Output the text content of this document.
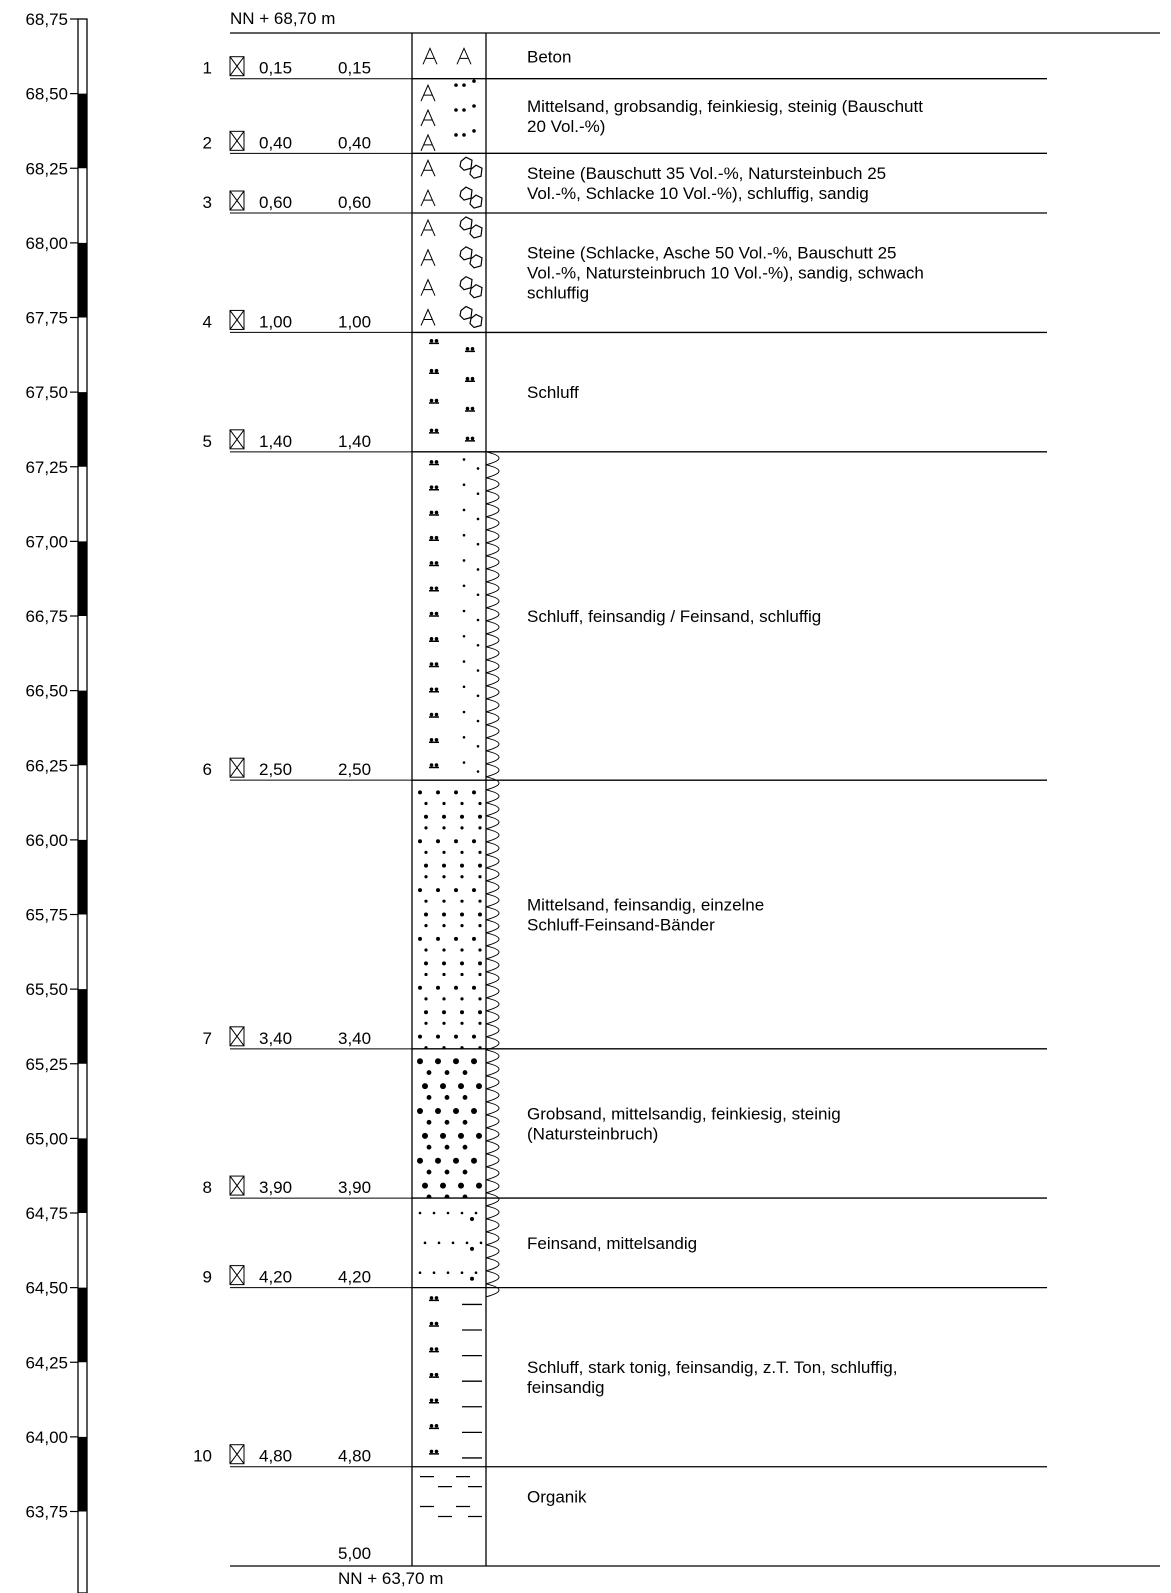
68,75
68,50
68,25
68,00
67,75
67,50
67,25
67,00
66,75
66,50
66,25
66,00
65,75
65,50
65,25
65,00
64,75
64,50
64,25
64,00
63,75
Beton
Mittelsand, grobsandig, feinkiesig, steinig (Bauschutt
20 Vol.-%)
Steine (Bauschutt 35 Vol.-%, Natursteinbuch 25
Vol.-%, Schlacke 10 Vol.-%), schluffig, sandig
Steine (Schlacke, Asche 50 Vol.-%, Bauschutt 25
Vol.-%, Natursteinbruch 10 Vol.-%), sandig, schwach
schluffig
Schluff
Schluff, feinsandig / Feinsand, schluffig
Mittelsand, feinsandig, einzelne
Schluff-Feinsand-Bänder
Grobsand, mittelsandig, feinkiesig, steinig
(Natursteinbruch)
Feinsand, mittelsandig
Schluff, stark tonig, feinsandig, z.T. Ton, schluffig,
feinsandig
Organik
1	0,15	0,15
2	0,40	0,40
3	0,60	0,60
4	1,00	1,00
5	1,40	1,40
6	2,50	2,50
7	3,40	3,40
8	3,90	3,90
9	4,20	4,20
10	4,80	4,80
NN + 68,70 m
NN + 63,70 m
5,00
